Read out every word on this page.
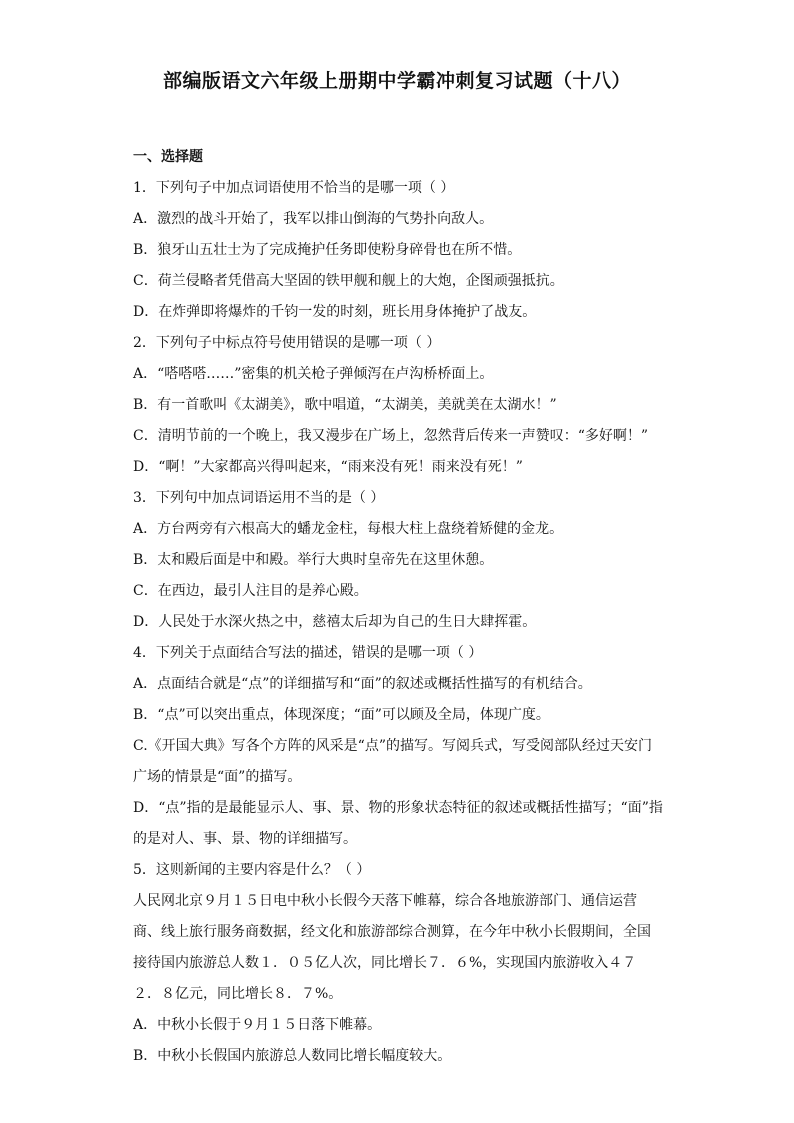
部编版语文六年级上册期中学霸冲刺复习试题（十八）
一、选择题
1．下列句子中加点词语使用不恰当的是哪一项（ ）
A．激烈的战斗开始了，我军以排山倒海的气势扑向敌人。
B．狼牙山五壮士为了完成掩护任务即使粉身碎骨也在所不惜。
C．荷兰侵略者凭借高大坚固的铁甲舰和舰上的大炮，企图顽强抵抗。
D．在炸弹即将爆炸的千钧一发的时刻，班长用身体掩护了战友。
2．下列句子中标点符号使用错误的是哪一项（ ）
A．“嗒嗒嗒……”密集的机关枪子弹倾泻在卢沟桥桥面上。
B．有一首歌叫《太湖美》，歌中唱道，“太湖美，美就美在太湖水！”
C．清明节前的一个晚上，我又漫步在广场上，忽然背后传来一声赞叹：“多好啊！”
D．“啊！”大家都高兴得叫起来，“雨来没有死！雨来没有死！”
3．下列句中加点词语运用不当的是（ ）
A．方台两旁有六根高大的蟠龙金柱，每根大柱上盘绕着矫健的金龙。
B．太和殿后面是中和殿。举行大典时皇帝先在这里休憩。
C．在西边，最引人注目的是养心殿。
D．人民处于水深火热之中，慈禧太后却为自己的生日大肆挥霍。
4．下列关于点面结合写法的描述，错误的是哪一项（ ）
A．点面结合就是“点”的详细描写和“面”的叙述或概括性描写的有机结合。
B．“点”可以突出重点，体现深度；“面”可以顾及全局，体现广度。
C.《开国大典》写各个方阵的风采是“点”的描写。写阅兵式，写受阅部队经过天安门广场的情景是“面”的描写。
D．“点”指的是最能显示人、事、景、物的形象状态特征的叙述或概括性描写；“面”指的是对人、事、景、物的详细描写。
5．这则新闻的主要内容是什么？（ ）
人民网北京９月１５日电中秋小长假今天落下帷幕，综合各地旅游部门、通信运营商、线上旅行服务商数据，经文化和旅游部综合测算，在今年中秋小长假期间，全国接待国内旅游总人数１．０５亿人次，同比增长７．６%，实现国内旅游收入４７２．８亿元，同比增长８．７%。
A．中秋小长假于９月１５日落下帷幕。
B．中秋小长假国内旅游总人数同比增长幅度较大。
